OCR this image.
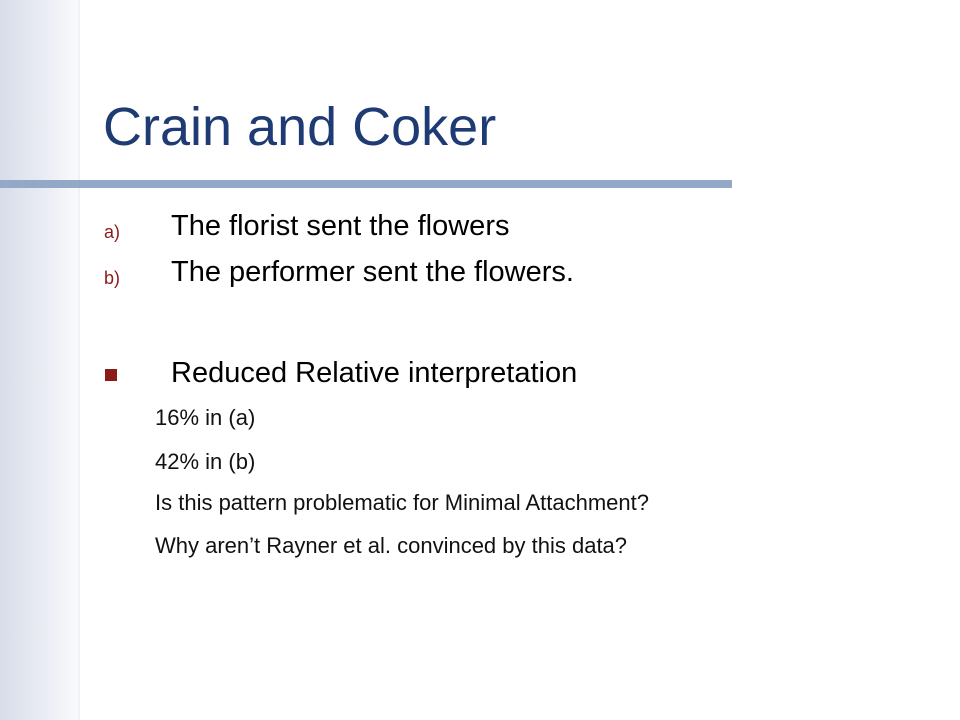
Crain and Coker
a) The florist sent the flowers
b) The performer sent the flowers.
Reduced Relative interpretation
16% in (a)
42% in (b)
Is this pattern problematic for Minimal Attachment?
Why aren’t Rayner et al. convinced by this data?
